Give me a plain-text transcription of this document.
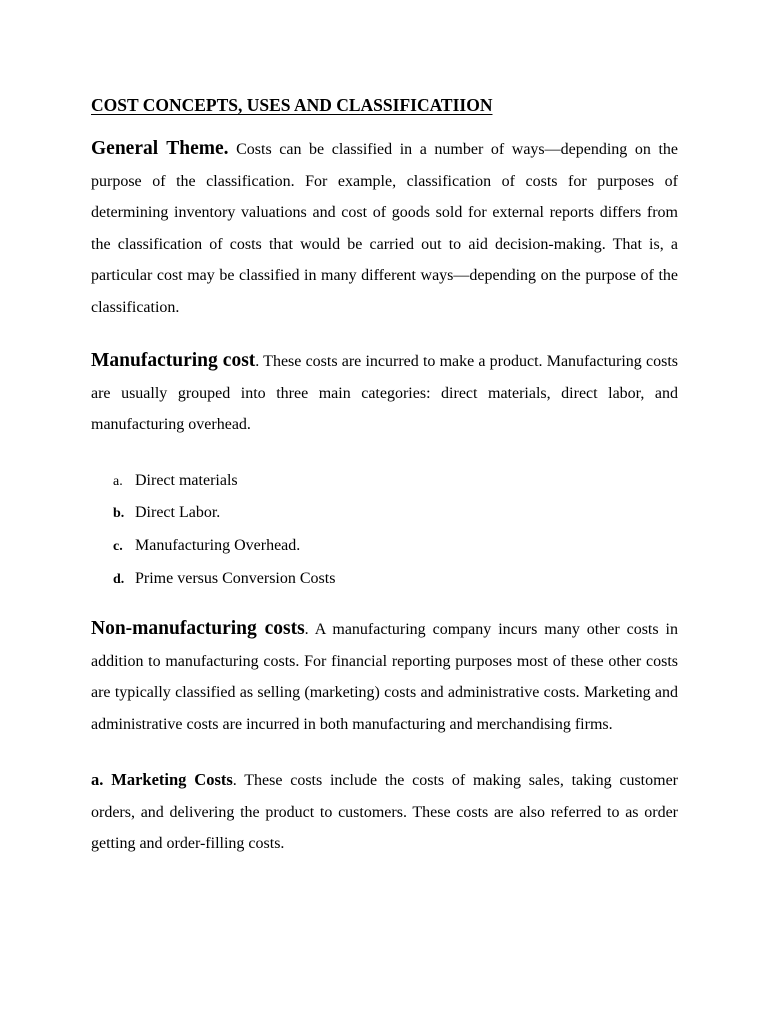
COST CONCEPTS, USES AND CLASSIFICATIION

General Theme. Costs can be classified in a number of ways—depending on the purpose of the classification. For example, classification of costs for purposes of determining inventory valuations and cost of goods sold for external reports differs from the classification of costs that would be carried out to aid decision-making. That is, a particular cost may be classified in many different ways—depending on the purpose of the classification.

Manufacturing cost. These costs are incurred to make a product. Manufacturing costs are usually grouped into three main categories: direct materials, direct labor, and manufacturing overhead.

a. Direct materials
b. Direct Labor.
c. Manufacturing Overhead.
d. Prime versus Conversion Costs

Non-manufacturing costs. A manufacturing company incurs many other costs in addition to manufacturing costs. For financial reporting purposes most of these other costs are typically classified as selling (marketing) costs and administrative costs. Marketing and administrative costs are incurred in both manufacturing and merchandising firms.

a. Marketing Costs. These costs include the costs of making sales, taking customer orders, and delivering the product to customers. These costs are also referred to as order getting and order-filling costs.
